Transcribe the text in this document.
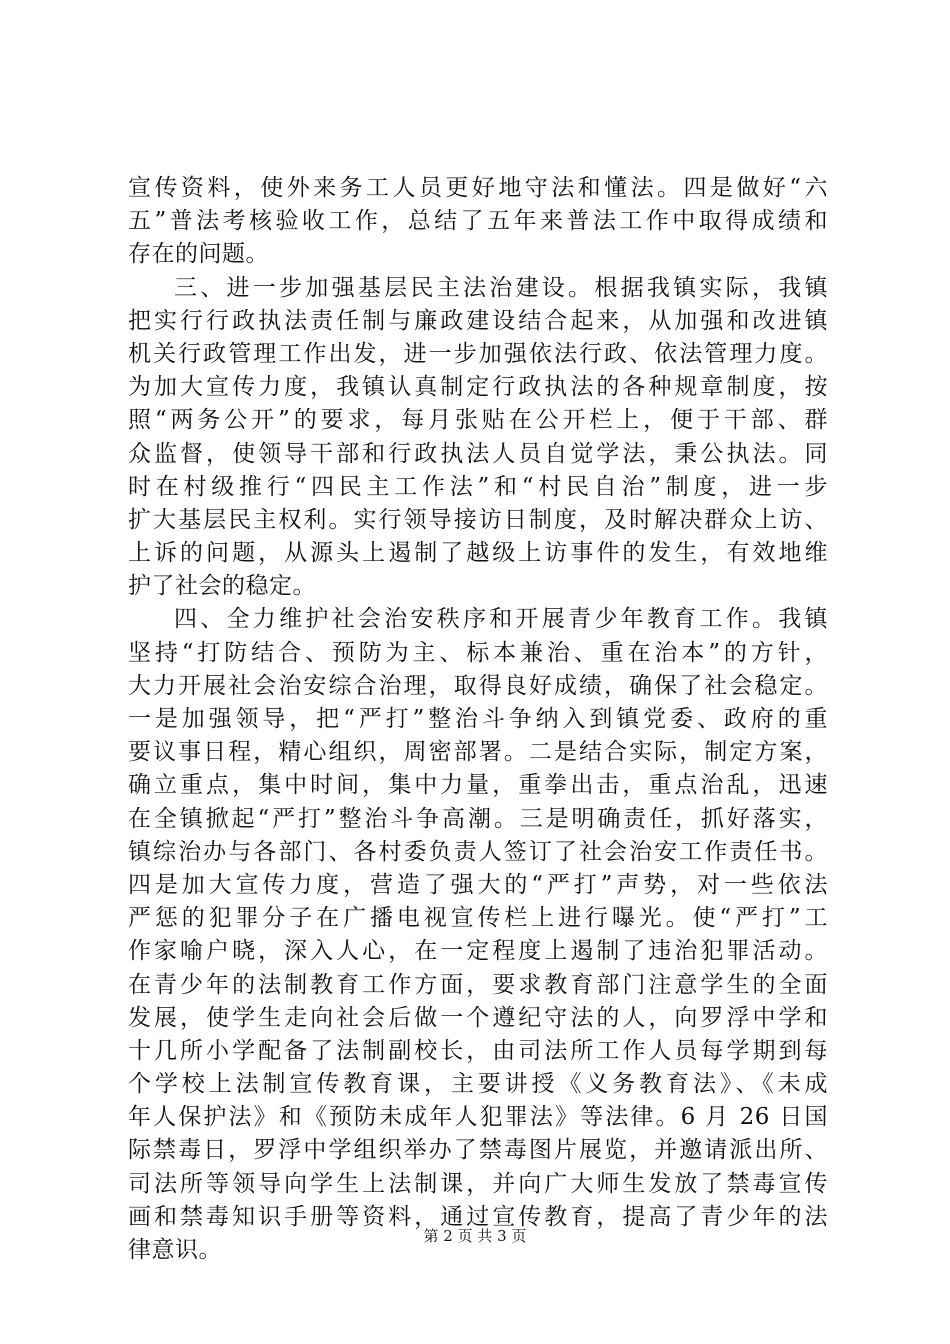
宣传资料，使外来务工人员更好地守法和懂法。四是做好“六
五”普法考核验收工作，总结了五年来普法工作中取得成绩和
存在的问题。
三、进一步加强基层民主法治建设。根据我镇实际，我镇
把实行行政执法责任制与廉政建设结合起来，从加强和改进镇
机关行政管理工作出发，进一步加强依法行政、依法管理力度。
为加大宣传力度，我镇认真制定行政执法的各种规章制度，按
照“两务公开”的要求，每月张贴在公开栏上，便于干部、群
众监督，使领导干部和行政执法人员自觉学法，秉公执法。同
时在村级推行“四民主工作法”和“村民自治”制度，进一步
扩大基层民主权利。实行领导接访日制度，及时解决群众上访、
上诉的问题，从源头上遏制了越级上访事件的发生，有效地维
护了社会的稳定。
四、全力维护社会治安秩序和开展青少年教育工作。我镇
坚持“打防结合、预防为主、标本兼治、重在治本”的方针，
大力开展社会治安综合治理，取得良好成绩，确保了社会稳定。
一是加强领导，把“严打”整治斗争纳入到镇党委、政府的重
要议事日程，精心组织，周密部署。二是结合实际，制定方案，
确立重点，集中时间，集中力量，重拳出击，重点治乱，迅速
在全镇掀起“严打”整治斗争高潮。三是明确责任，抓好落实，
镇综治办与各部门、各村委负责人签订了社会治安工作责任书。
四是加大宣传力度，营造了强大的“严打”声势，对一些依法
严惩的犯罪分子在广播电视宣传栏上进行曝光。使“严打”工
作家喻户晓，深入人心，在一定程度上遏制了违治犯罪活动。
在青少年的法制教育工作方面，要求教育部门注意学生的全面
发展，使学生走向社会后做一个遵纪守法的人，向罗浮中学和
十几所小学配备了法制副校长，由司法所工作人员每学期到每
个学校上法制宣传教育课，主要讲授《义务教育法》、《未成
年人保护法》和《预防未成年人犯罪法》等法律。6 月 26 日国
际禁毒日，罗浮中学组织举办了禁毒图片展览，并邀请派出所、
司法所等领导向学生上法制课，并向广大师生发放了禁毒宣传
画和禁毒知识手册等资料，通过宣传教育，提高了青少年的法
律意识。
第 2 页 共 3 页
